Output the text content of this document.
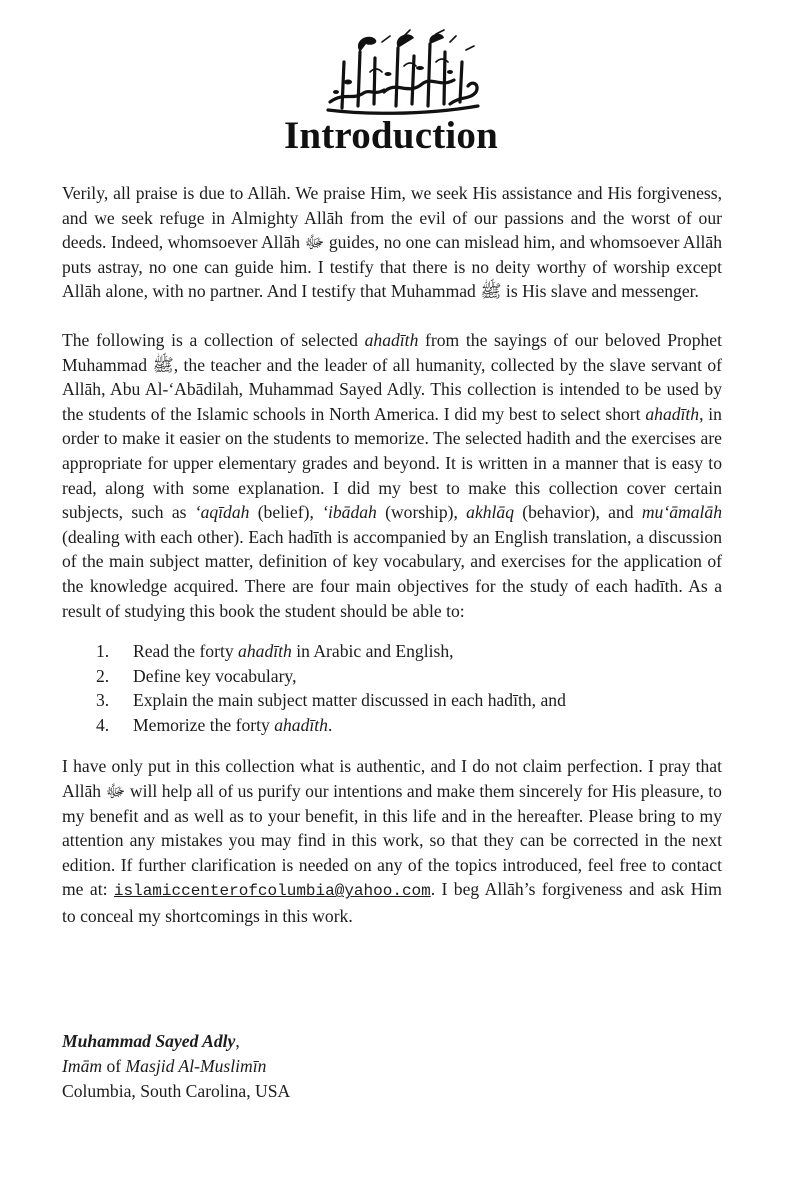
Introduction

Verily, all praise is due to Allāh. We praise Him, we seek His assistance and His forgiveness, and we seek refuge in Almighty Allāh from the evil of our passions and the worst of our deeds. Indeed, whomsoever Allāh ﷻ guides, no one can mislead him, and whomsoever Allāh puts astray, no one can guide him. I testify that there is no deity worthy of worship except Allāh alone, with no partner. And I testify that Muhammad ﷺ is His slave and messenger.

The following is a collection of selected ahadīth from the sayings of our beloved Prophet Muhammad ﷺ, the teacher and the leader of all humanity, collected by the slave servant of Allāh, Abu Al-‘Abādilah, Muhammad Sayed Adly. This collection is intended to be used by the students of the Islamic schools in North America. I did my best to select short ahadīth, in order to make it easier on the students to memorize. The selected hadith and the exercises are appropriate for upper elementary grades and beyond. It is written in a manner that is easy to read, along with some explanation. I did my best to make this collection cover certain subjects, such as ‘aqīdah (belief), ‘ibādah (worship), akhlāq (behavior), and mu‘āmalāh (dealing with each other). Each hadīth is accompanied by an English translation, a discussion of the main subject matter, definition of key vocabulary, and exercises for the application of the knowledge acquired. There are four main objectives for the study of each hadīth. As a result of studying this book the student should be able to:

1. Read the forty ahadīth in Arabic and English,
2. Define key vocabulary,
3. Explain the main subject matter discussed in each hadīth, and
4. Memorize the forty ahadīth.

I have only put in this collection what is authentic, and I do not claim perfection. I pray that Allāh ﷻ will help all of us purify our intentions and make them sincerely for His pleasure, to my benefit and as well as to your benefit, in this life and in the hereafter. Please bring to my attention any mistakes you may find in this work, so that they can be corrected in the next edition. If further clarification is needed on any of the topics introduced, feel free to contact me at: islamiccenterofcolumbia@yahoo.com. I beg Allāh’s forgiveness and ask Him to conceal my shortcomings in this work.

Muhammad Sayed Adly,
Imām of Masjid Al-Muslimīn
Columbia, South Carolina, USA
